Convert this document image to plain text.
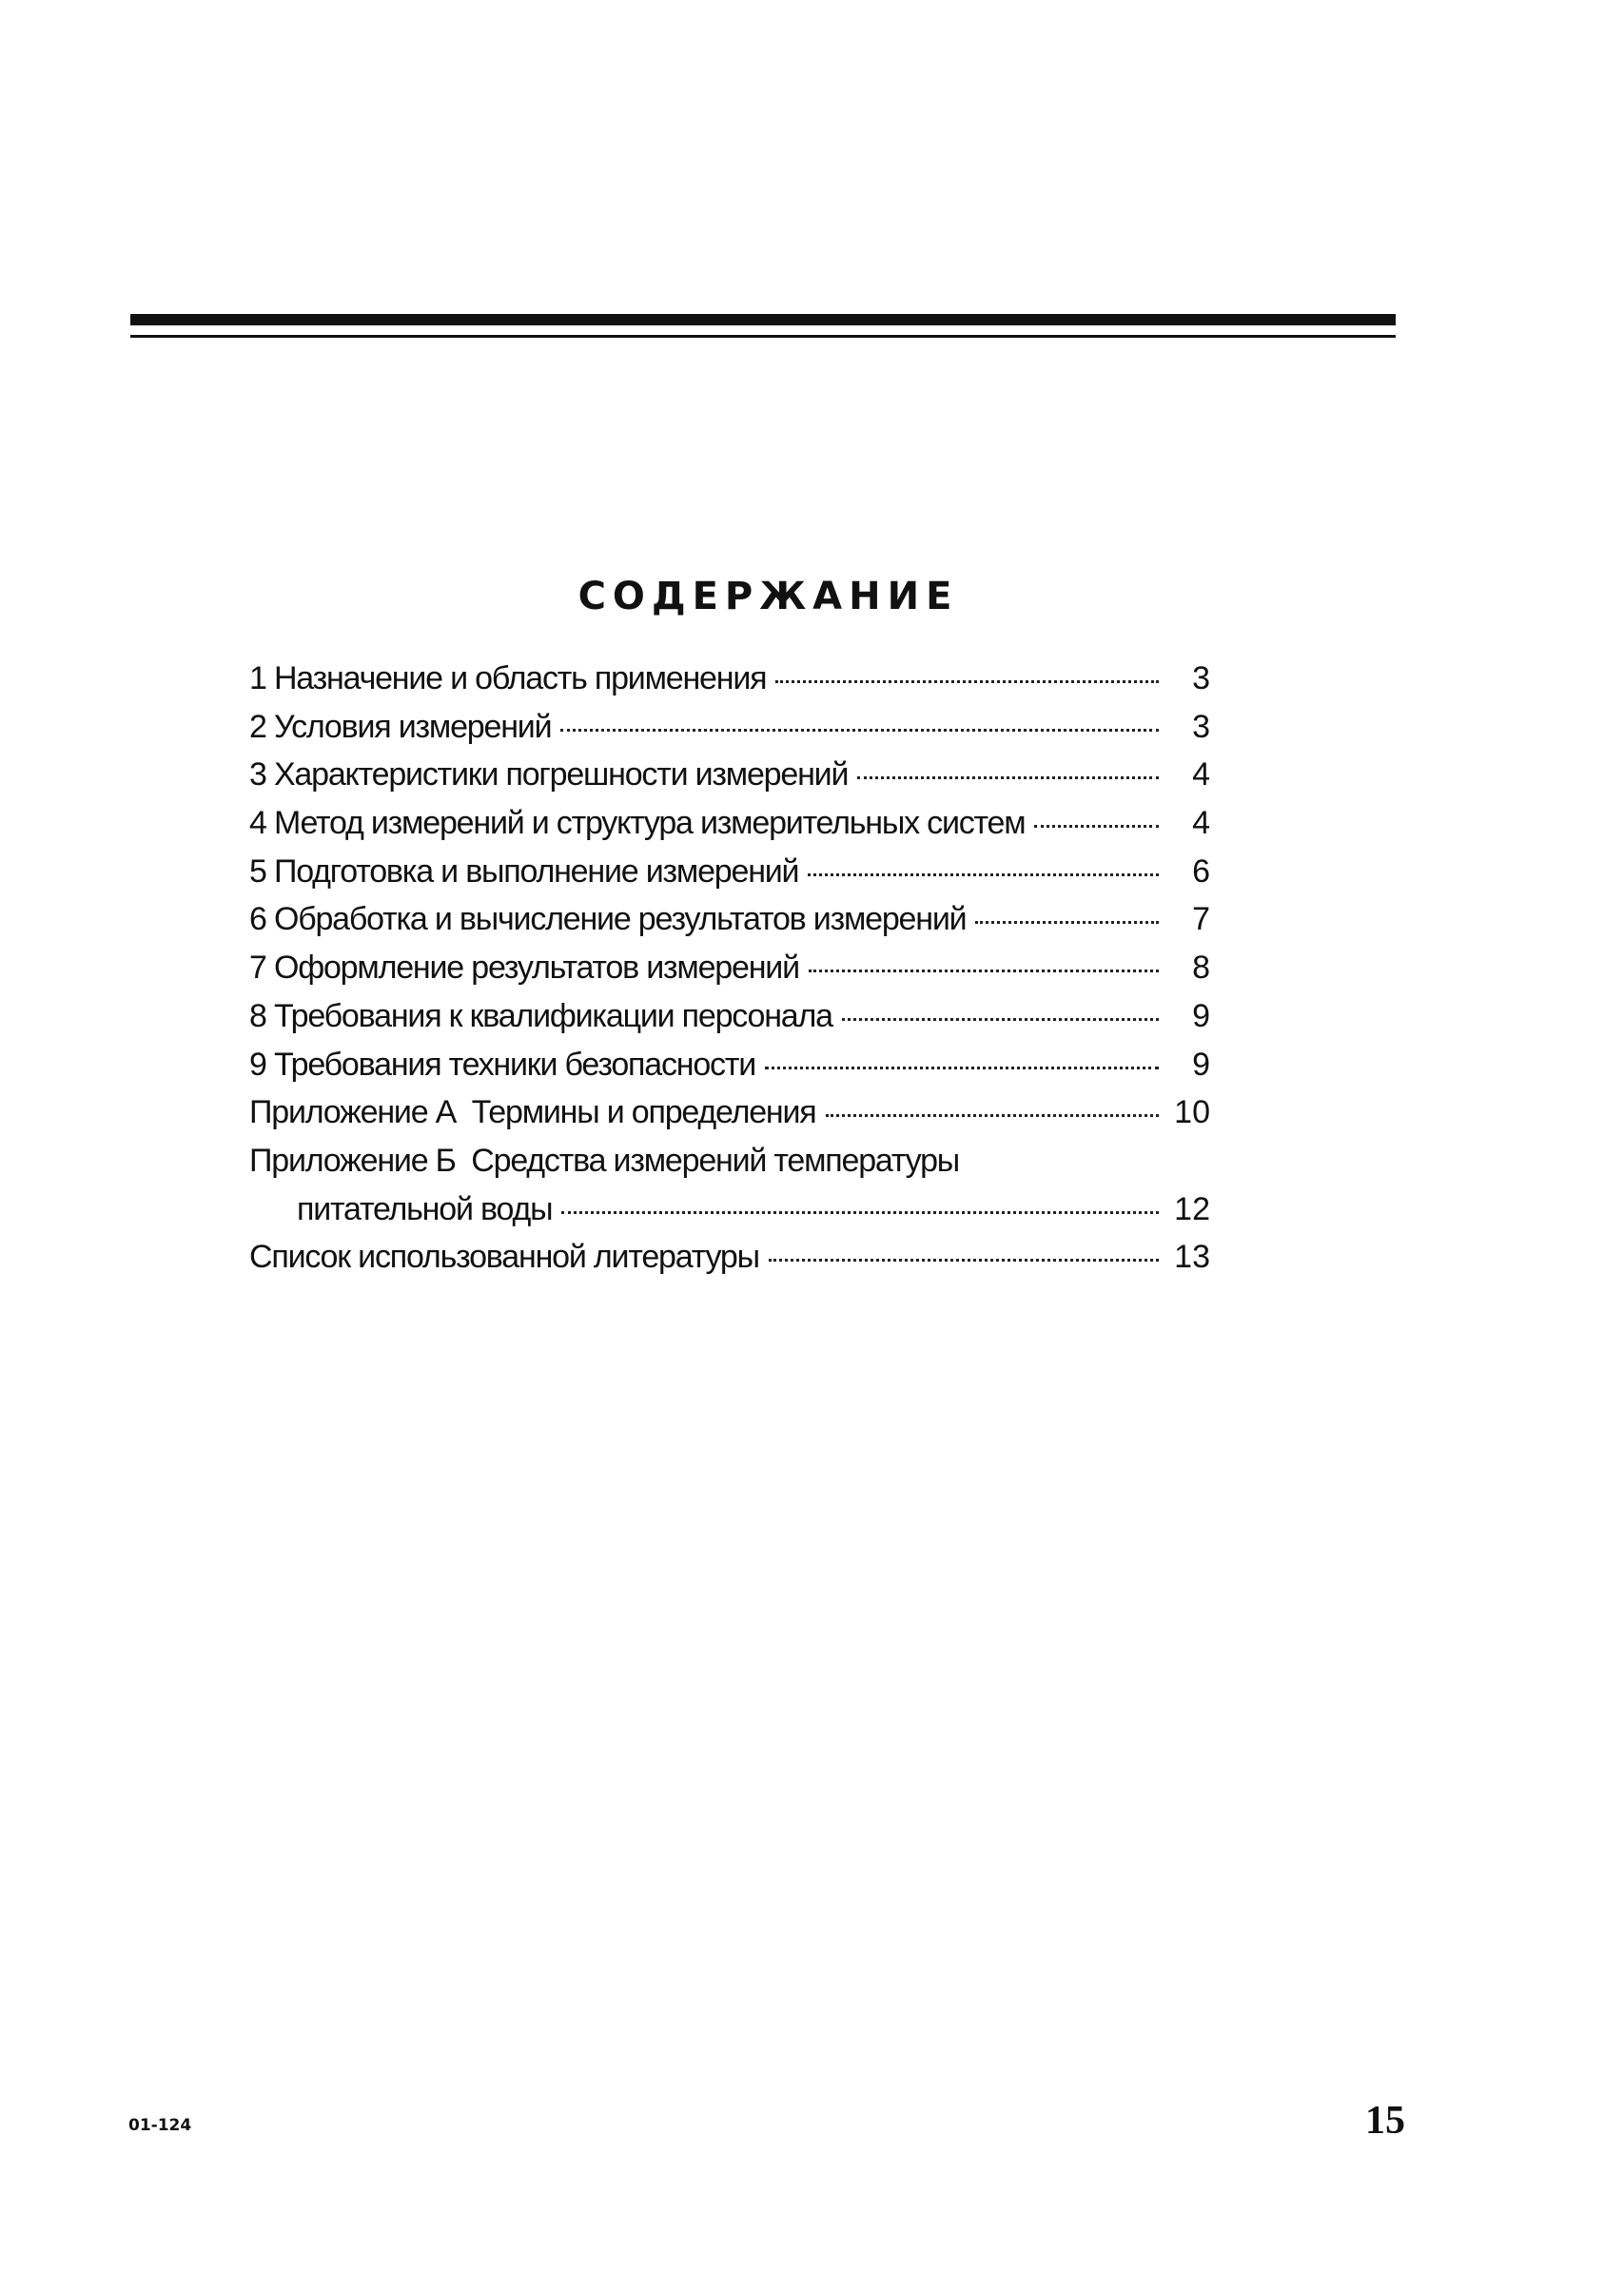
СОДЕРЖАНИЕ
1 Назначение и область применения	3
2 Условия измерений	3
3 Характеристики погрешности измерений	4
4 Метод измерений и структура измерительных систем	4
5 Подготовка и выполнение измерений	6
6 Обработка и вычисление результатов измерений	7
7 Оформление результатов измерений	8
8 Требования к квалификации персонала	9
9 Требования техники безопасности	9
Приложение А  Термины и определения	10
Приложение Б  Средства измерений температуры
питательной воды	12
Список использованной литературы	13
01-124	15
